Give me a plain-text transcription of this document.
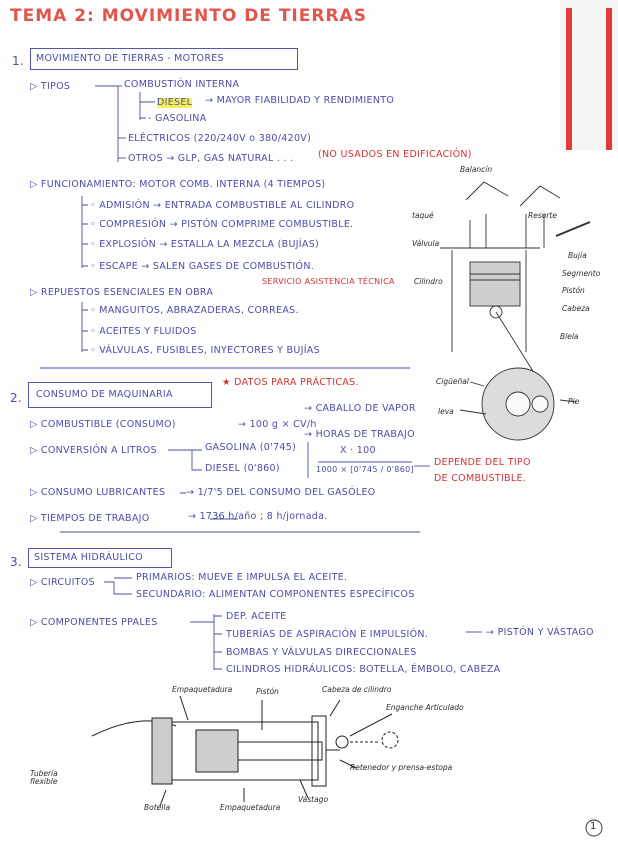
TEMA 2: MOVIMIENTO DE TIERRAS
1. MOVIMIENTO DE TIERRAS - MOTORES
▷ TIPOS	COMBUSTIÓN INTERNA
DIESEL → MAYOR FIABILIDAD Y RENDIMIENTO
- GASOLINA
ELÉCTRICOS (220/240V o 380/420V)
OTROS → GLP, GAS NATURAL . . .	(NO USADOS EN EDIFICACIÓN)
▷ FUNCIONAMIENTO: MOTOR COMB. INTERNA (4 TIEMPOS)
◦ ADMISIÓN → ENTRADA COMBUSTIBLE AL CILINDRO
◦ COMPRESIÓN → PISTÓN COMPRIME COMBUSTIBLE.
◦ EXPLOSIÓN → ESTALLA LA MEZCLA (BUJÍAS)
◦ ESCAPE → SALEN GASES DE COMBUSTIÓN.
▷ REPUESTOS ESENCIALES EN OBRA
SERVICIO ASISTENCIA TÉCNICA
◦ MANGUITOS, ABRAZADERAS, CORREAS.
◦ ACEITES Y FLUIDOS
◦ VÁLVULAS, FUSIBLES, INYECTORES Y BUJÍAS
Balancín
taqué
Válvula
Resorte
Bujía
Cilindro
Segmento
Pistón
Cabeza
Biela
Cigüeñal
leva
Pie
2. CONSUMO DE MAQUINARIA
★ DATOS PARA PRÁCTICAS.
▷ COMBUSTIBLE (CONSUMO)	→ 100 g × CV/h
→ CABALLO DE VAPOR
→ HORAS DE TRABAJO
▷ CONVERSIÓN A LITROS	GASOLINA (0'745)
DIESEL (0'860)
X · 100
1000 × [0'745 / 0'860]
DEPENDE DEL TIPO
DE COMBUSTIBLE.
▷ CONSUMO LUBRICANTES → 1/7'5 DEL CONSUMO DEL GASÓLEO
▷ TIEMPOS DE TRABAJO	→ 1736 h/año ; 8 h/jornada.
3. SISTEMA HIDRÁULICO
▷ CIRCUITOS	PRIMARIOS: MUEVE E IMPULSA EL ACEITE.
SECUNDARIO: ALIMENTAN COMPONENTES ESPECÍFICOS
▷ COMPONENTES PPALES
DEP. ACEITE
TUBERÍAS DE ASPIRACIÓN E IMPULSIÓN.	→ PISTÓN Y VÁSTAGO
BOMBAS Y VÁLVULAS DIRECCIONALES
CILINDROS HIDRÁULICOS: BOTELLA, ÉMBOLO, CABEZA
Empaquetadura	Pistón	Cabeza de cilindro
Enganche Articulado
Tubería flexible
Retenedor y prensa-estopa
Botella	Empaquetadura
Vástago
1
